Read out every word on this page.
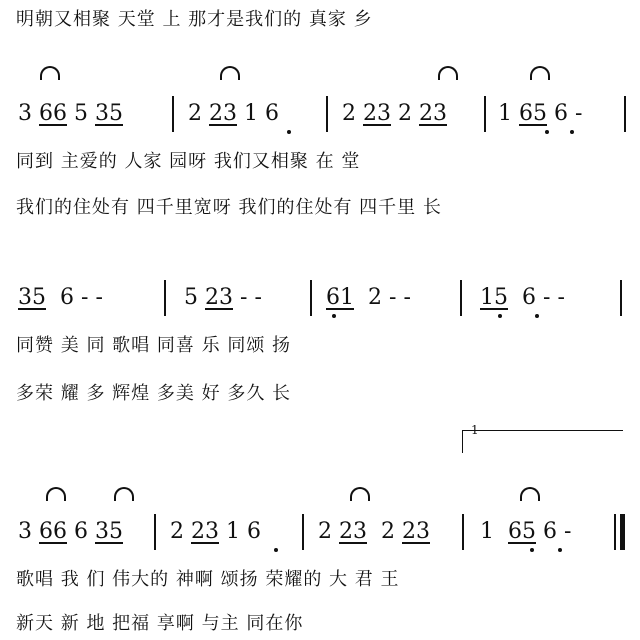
明朝又相聚 天堂 上 那才是我们的 真家 乡
3 66 5 35	2 23 1 6	2 23 2 23 1 65 6 -
同到 主爱的 人家 园呀 我们又相聚 在 堂
我们的住处有 四千里宽呀 我们的住处有 四千里 长
35 6 - -	5 23 - -	61 2 - -	15 6 - -
同赞 美 同 歌唱 同喜 乐 同颂 扬
多荣 耀 多 辉煌 多美 好 多久 长
1
3 66 6 35 2 23 1 6	2 23 2 23 1 65 6 -
歌唱 我 们 伟大的 神啊 颂扬 荣耀的 大 君 王
新天 新 地 把福 享啊 与主 同在你
